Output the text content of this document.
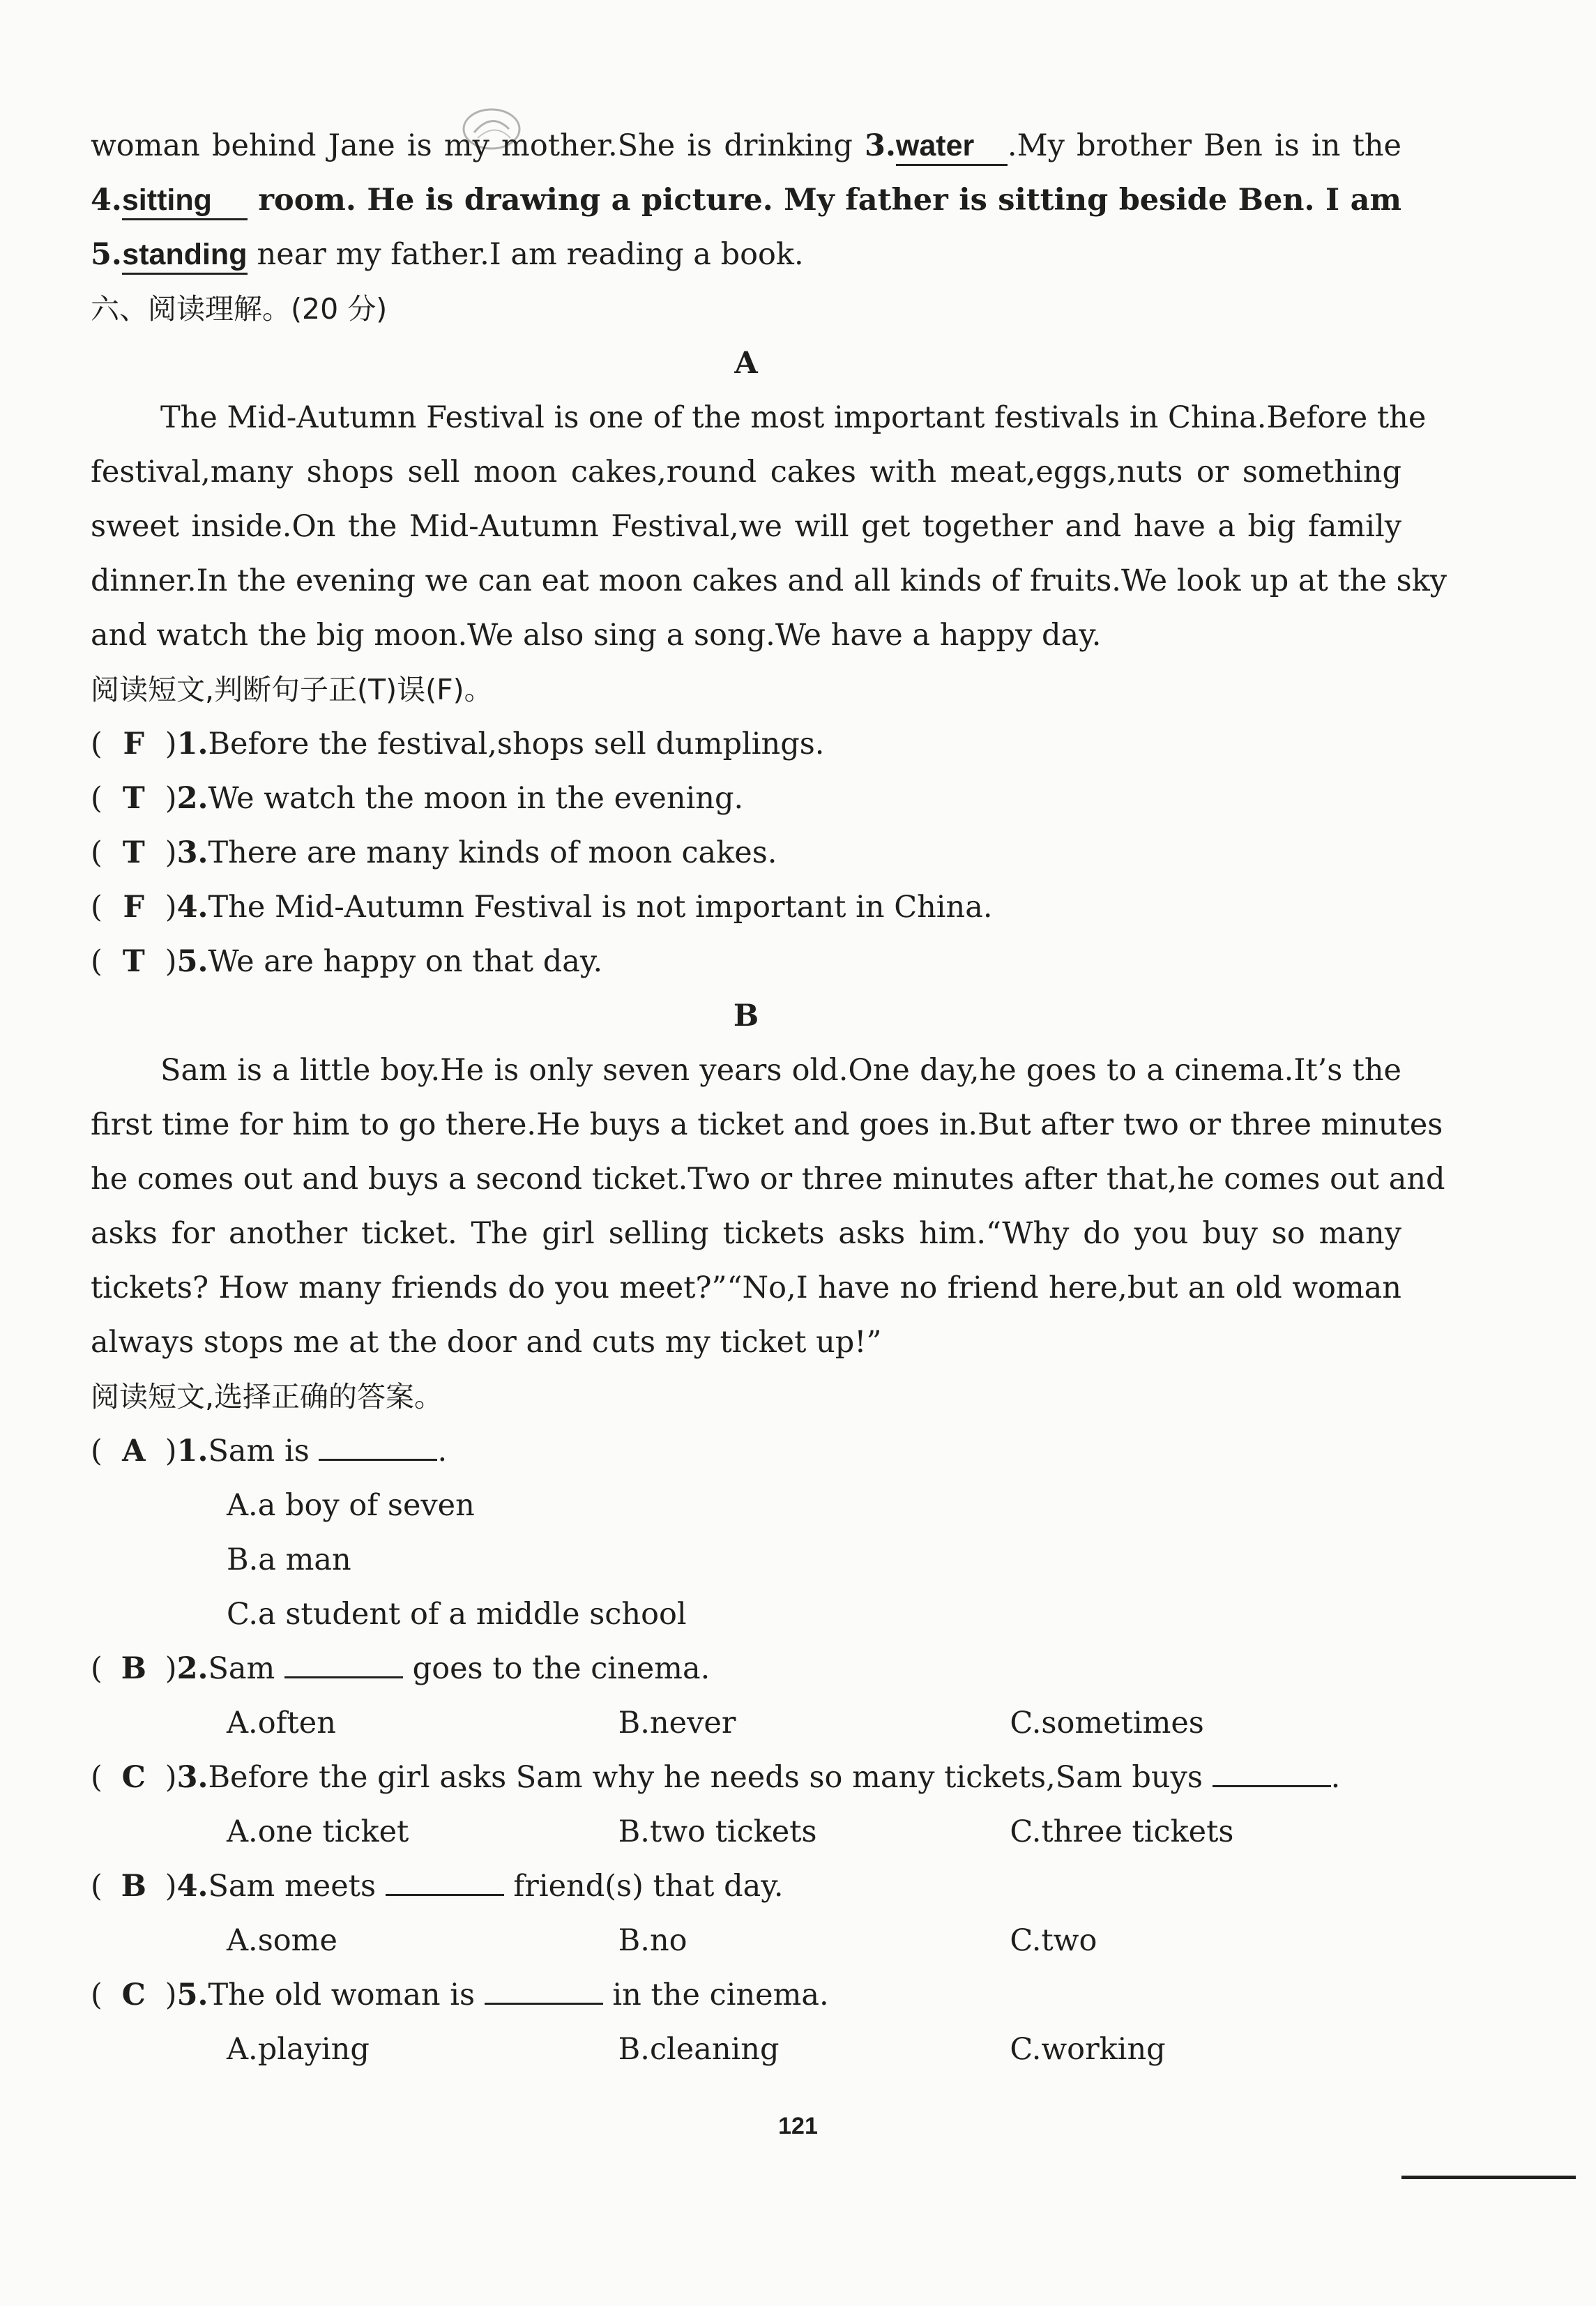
woman behind Jane is my mother.She is drinking 3.water .My brother Ben is in the
4.sitting room. He is drawing a picture. My father is sitting beside Ben. I am
5.standing near my father.I am reading a book.
六、阅读理解。(20 分)
A
The Mid-Autumn Festival is one of the most important festivals in China.Before the
festival,many shops sell moon cakes,round cakes with meat,eggs,nuts or something
sweet inside.On the Mid-Autumn Festival,we will get together and have a big family
dinner.In the evening we can eat moon cakes and all kinds of fruits.We look up at the sky
and watch the big moon.We also sing a song.We have a happy day.
阅读短文,判断句子正(T)误(F)。
( F )1.Before the festival,shops sell dumplings.
( T )2.We watch the moon in the evening.
( T )3.There are many kinds of moon cakes.
( F )4.The Mid-Autumn Festival is not important in China.
( T )5.We are happy on that day.
B
Sam is a little boy.He is only seven years old.One day,he goes to a cinema.It’s the
first time for him to go there.He buys a ticket and goes in.But after two or three minutes
he comes out and buys a second ticket.Two or three minutes after that,he comes out and
asks for another ticket. The girl selling tickets asks him.“Why do you buy so many
tickets? How many friends do you meet?”“No,I have no friend here,but an old woman
always stops me at the door and cuts my ticket up!”
阅读短文,选择正确的答案。
( A )1.Sam is	.
A.a boy of seven
B.a man
C.a student of a middle school
( B )2.Sam	goes to the cinema.
A.often	B.never	C.sometimes
( C )3.Before the girl asks Sam why he needs so many tickets,Sam buys	.
A.one ticket	B.two tickets	C.three tickets
( B )4.Sam meets	friend(s) that day.
A.some	B.no	C.two
( C )5.The old woman is	in the cinema.
A.playing	B.cleaning	C.working
121
